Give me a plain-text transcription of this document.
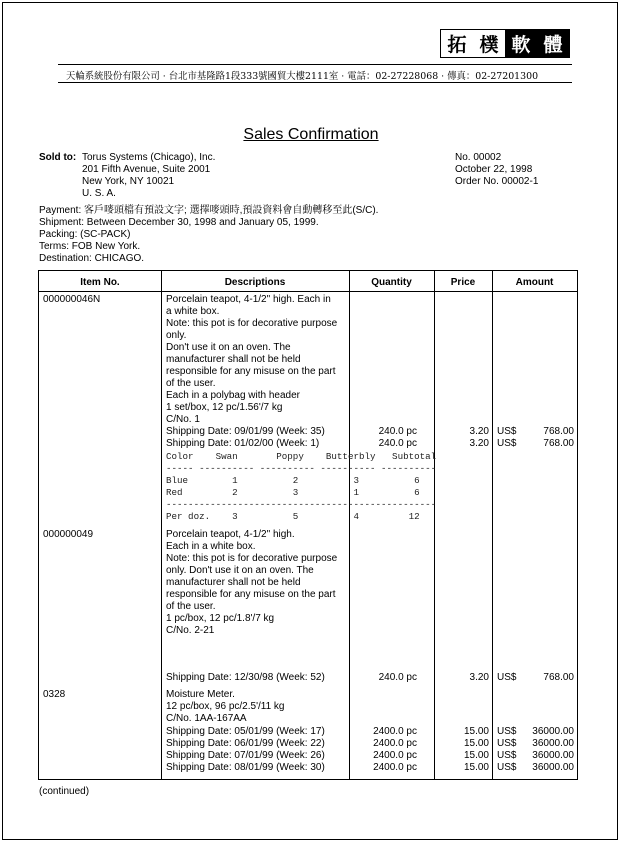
拓 樸 軟 體
天輪系統股份有限公司 · 台北市基隆路1段333號國貿大樓2111室 · 電話：02-27228068 · 傳真：02-27201300
Sales Confirmation
Sold to: Torus Systems (Chicago), Inc.
201 Fifth Avenue, Suite 2001
New York, NY 10021
U. S. A.
No. 00002
October 22, 1998
Order No. 00002-1
Payment: 客戶嘜頭檔有預設文字; 選擇嘜頭時,預設資料會自動轉移至此(S/C).
Shipment: Between December 30, 1998 and January 05, 1999.
Packing: (SC-PACK)
Terms: FOB New York.
Destination: CHICAGO.
Item No.	Descriptions	Quantity	Price	Amount
000000046N	Porcelain teapot, 4-1/2" high. Each in
a white box.
Note: this pot is for decorative purpose
only.
Don't use it on an oven. The
manufacturer shall not be held
responsible for any misuse on the part
of the user.
Each in a polybag with header
1 set/box, 12 pc/1.56'/7 kg
C/No. 1
Shipping Date: 09/01/99 (Week: 35)	240.0 pc	3.20 US$	768.00
Shipping Date: 01/02/00 (Week: 1)	240.0 pc	3.20 US$	768.00
Color    Swan       Poppy    Butterbly   Subtotal
----- ---------- ---------- ---------- ----------
Blue        1          2          3          6
Red         2          3          1          6
-------------------------------------------------
Per doz.    3          5          4         12
000000049	Porcelain teapot, 4-1/2" high.
Each in a white box.
Note: this pot is for decorative purpose
only. Don't use it on an oven. The
manufacturer shall not be held
responsible for any misuse on the part
of the user.
1 pc/box, 12 pc/1.8'/7 kg
C/No. 2-21
Shipping Date: 12/30/98 (Week: 52)	240.0 pc	3.20 US$	768.00
0328	Moisture Meter.
12 pc/box, 96 pc/2.5'/11 kg
C/No. 1AA-167AA
Shipping Date: 05/01/99 (Week: 17)	2400.0 pc	15.00 US$	36000.00
Shipping Date: 06/01/99 (Week: 22)	2400.0 pc	15.00 US$	36000.00
Shipping Date: 07/01/99 (Week: 26)	2400.0 pc	15.00 US$	36000.00
Shipping Date: 08/01/99 (Week: 30)	2400.0 pc	15.00 US$	36000.00
(continued)
